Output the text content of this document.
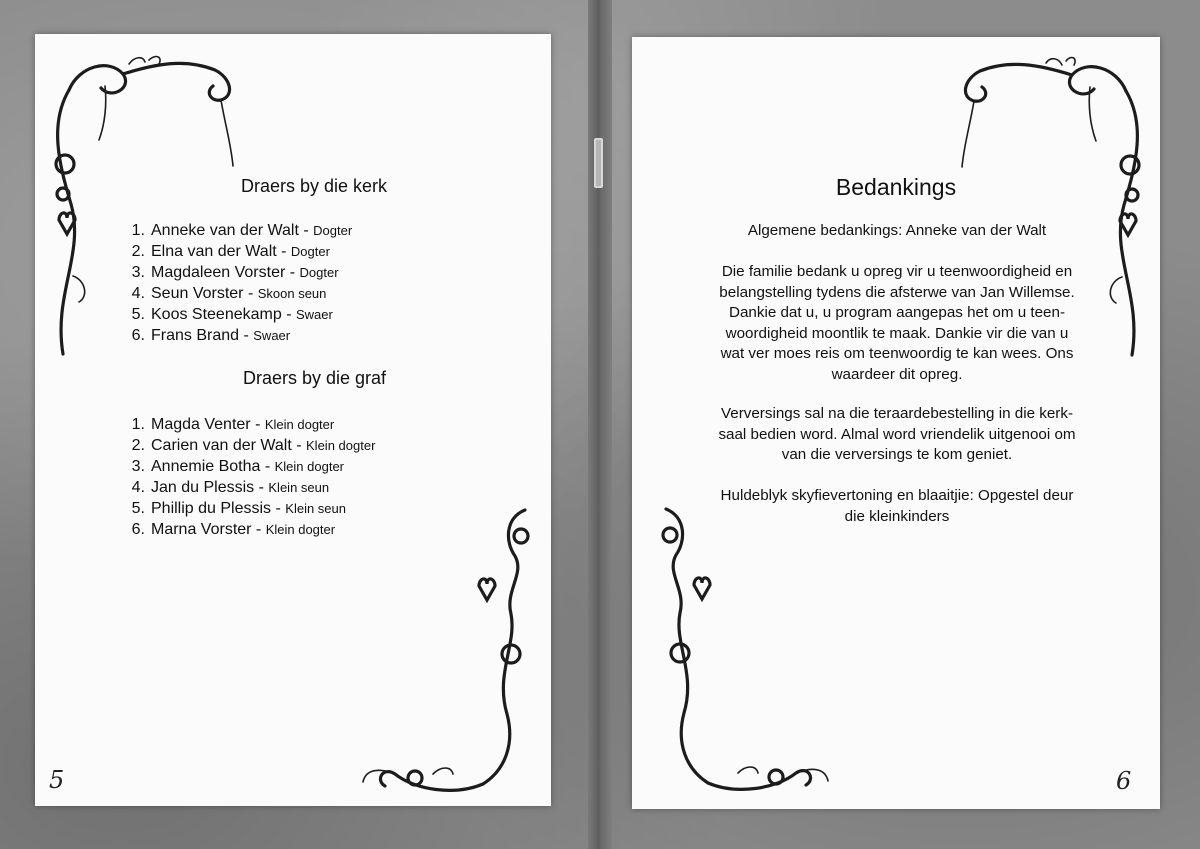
Draers by die kerk
1. Anneke van der Walt - Dogter
2. Elna van der Walt - Dogter
3. Magdaleen Vorster - Dogter
4. Seun Vorster - Skoon seun
5. Koos Steenekamp - Swaer
6. Frans Brand - Swaer
Draers by die graf
1. Magda Venter - Klein dogter
2. Carien van der Walt - Klein dogter
3. Annemie Botha - Klein dogter
4. Jan du Plessis - Klein seun
5. Phillip du Plessis - Klein seun
6. Marna Vorster - Klein dogter
5
Bedankings

Algemene bedankings: Anneke van der Walt

Die familie bedank u opreg vir u teenwoordigheid en
belangstelling tydens die afsterwe van Jan Willemse.
Dankie dat u, u program aangepas het om u teen-
woordigheid moontlik te maak. Dankie vir die van u
wat ver moes reis om teenwoordig te kan wees. Ons
waardeer dit opreg.

Verversings sal na die teraardebestelling in die kerk-
saal bedien word. Almal word vriendelik uitgenooi om
van die verversings te kom geniet.

Huldeblyk skyfievertoning en blaaitjie: Opgestel deur
die kleinkinders

6
